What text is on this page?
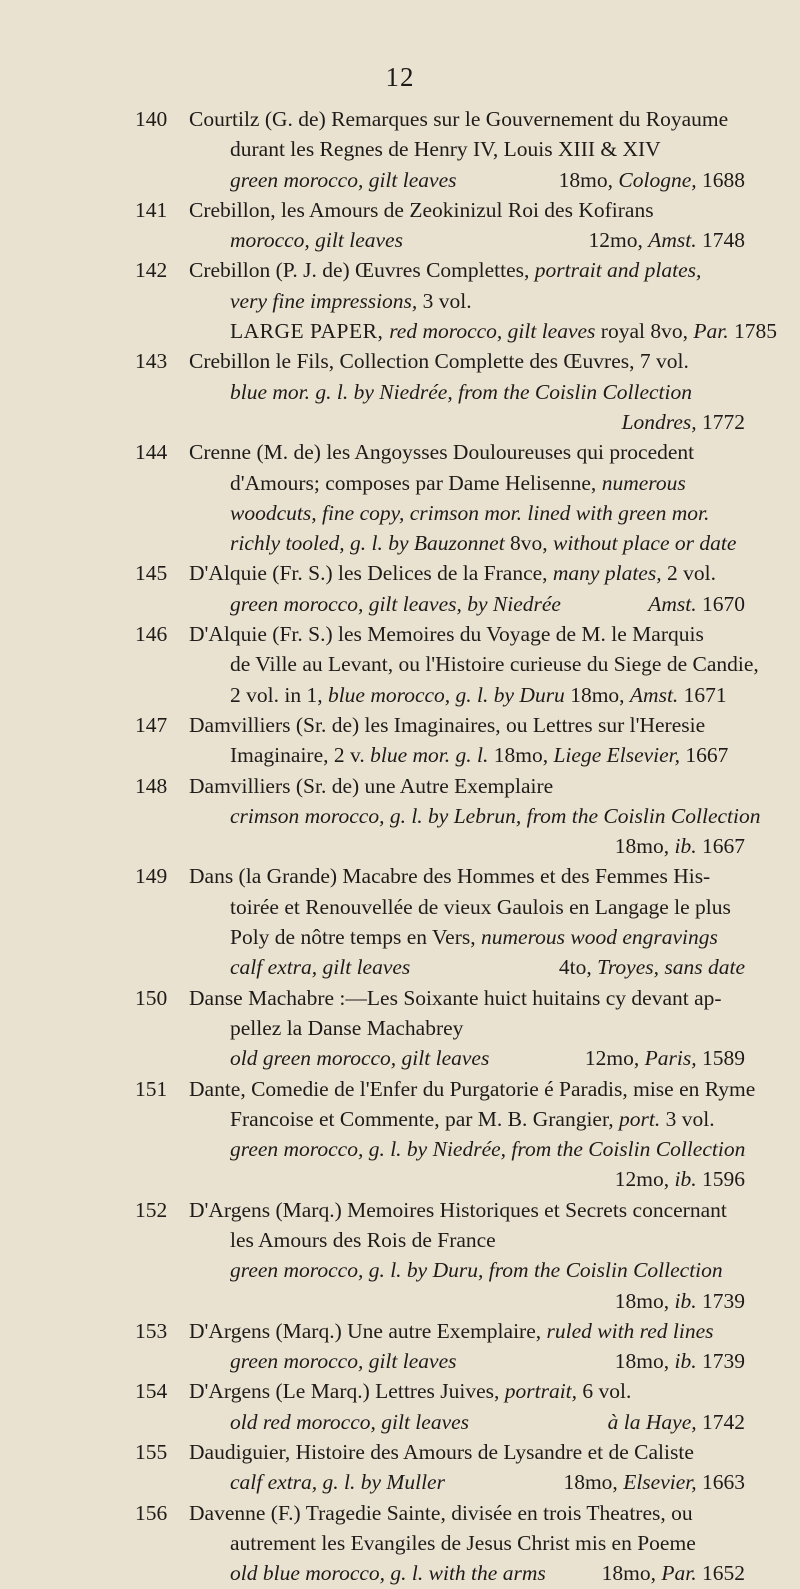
12
140	Courtilz (G. de) Remarques sur le Gouvernement du Royaume
durant les Regnes de Henry IV, Louis XIII & XIV
green morocco, gilt leaves	18mo, Cologne, 1688
141	Crebillon, les Amours de Zeokinizul Roi des Kofirans
morocco, gilt leaves	12mo, Amst. 1748
142	Crebillon (P. J. de) Œuvres Complettes, portrait and plates,
very fine impressions, 3 vol.
LARGE PAPER, red morocco, gilt leaves royal 8vo, Par. 1785
143	Crebillon le Fils, Collection Complette des Œuvres, 7 vol.
blue mor. g. l. by Niedrée, from the Coislin Collection
Londres, 1772
144	Crenne (M. de) les Angoysses Douloureuses qui procedent
d'Amours; composes par Dame Helisenne, numerous
woodcuts, fine copy, crimson mor. lined with green mor.
richly tooled, g. l. by Bauzonnet 8vo, without place or date
145	D'Alquie (Fr. S.) les Delices de la France, many plates, 2 vol.
green morocco, gilt leaves, by Niedrée	Amst. 1670
146	D'Alquie (Fr. S.) les Memoires du Voyage de M. le Marquis
de Ville au Levant, ou l'Histoire curieuse du Siege de Candie,
2 vol. in 1, blue morocco, g. l. by Duru 18mo, Amst. 1671
147	Damvilliers (Sr. de) les Imaginaires, ou Lettres sur l'Heresie
Imaginaire, 2 v. blue mor. g. l. 18mo, Liege Elsevier, 1667
148	Damvilliers (Sr. de) une Autre Exemplaire
crimson morocco, g. l. by Lebrun, from the Coislin Collection
18mo, ib. 1667
149	Dans (la Grande) Macabre des Hommes et des Femmes His-
toirée et Renouvellée de vieux Gaulois en Langage le plus
Poly de nôtre temps en Vers, numerous wood engravings
calf extra, gilt leaves	4to, Troyes, sans date
150	Danse Machabre :—Les Soixante huict huitains cy devant ap-
pellez la Danse Machabrey
old green morocco, gilt leaves	12mo, Paris, 1589
151	Dante, Comedie de l'Enfer du Purgatorie é Paradis, mise en Ryme
Francoise et Commente, par M. B. Grangier, port. 3 vol.
green morocco, g. l. by Niedrée, from the Coislin Collection
12mo, ib. 1596
152	D'Argens (Marq.) Memoires Historiques et Secrets concernant
les Amours des Rois de France
green morocco, g. l. by Duru, from the Coislin Collection
18mo, ib. 1739
153	D'Argens (Marq.) Une autre Exemplaire, ruled with red lines
green morocco, gilt leaves	18mo, ib. 1739
154	D'Argens (Le Marq.) Lettres Juives, portrait, 6 vol.
old red morocco, gilt leaves	à la Haye, 1742
155	Daudiguier, Histoire des Amours de Lysandre et de Caliste
calf extra, g. l. by Muller	18mo, Elsevier, 1663
156	Davenne (F.) Tragedie Sainte, divisée en trois Theatres, ou
autrement les Evangiles de Jesus Christ mis en Poeme
old blue morocco, g. l. with the arms	18mo, Par. 1652
